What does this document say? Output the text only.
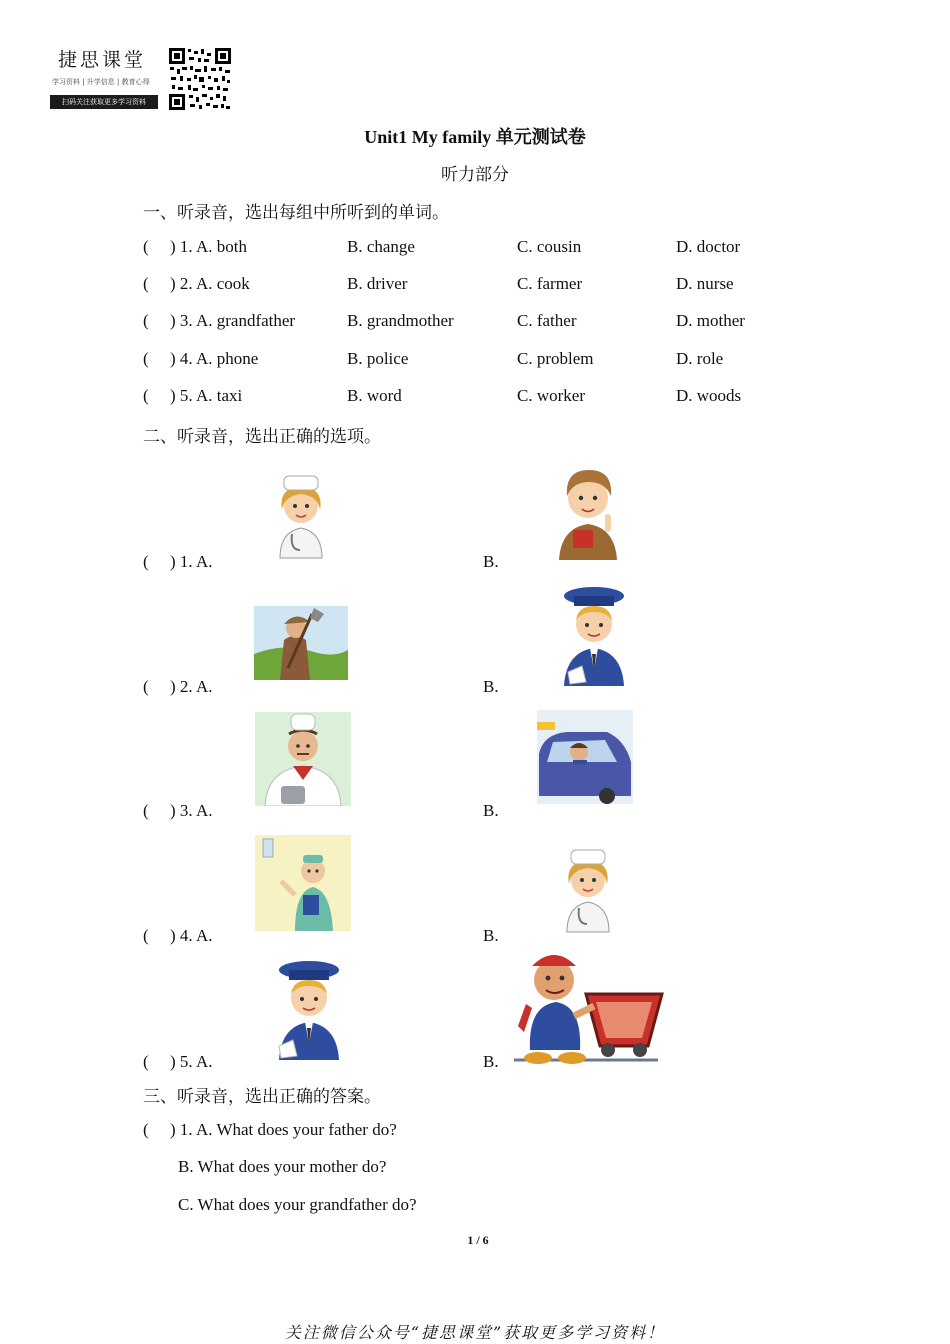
捷思课堂
学习资料 | 升学信息 | 教育心得
扫码关注获取更多学习资料
Unit1 My family 单元测试卷
听力部分
一、听录音，选出每组中所听到的单词。
( ) 1. A. both	B. change	C. cousin	D. doctor
( ) 2. A. cook	B. driver	C. farmer	D. nurse
( ) 3. A. grandfather	B. grandmother	C. father	D. mother
( ) 4. A. phone	B. police	C. problem	D. role
( ) 5. A. taxi	B. word	C. worker	D. woods
二、听录音，选出正确的选项。
( ) 1. A.	B.
( ) 2. A.	B.
( ) 3. A.	B.
( ) 4. A.	B.
( ) 5. A.	B.
三、听录音，选出正确的答案。
( ) 1. A. What does your father do?
B. What does your mother do?
C. What does your grandfather do?
1 / 6
关注微信公众号“捷思课堂”获取更多学习资料！
